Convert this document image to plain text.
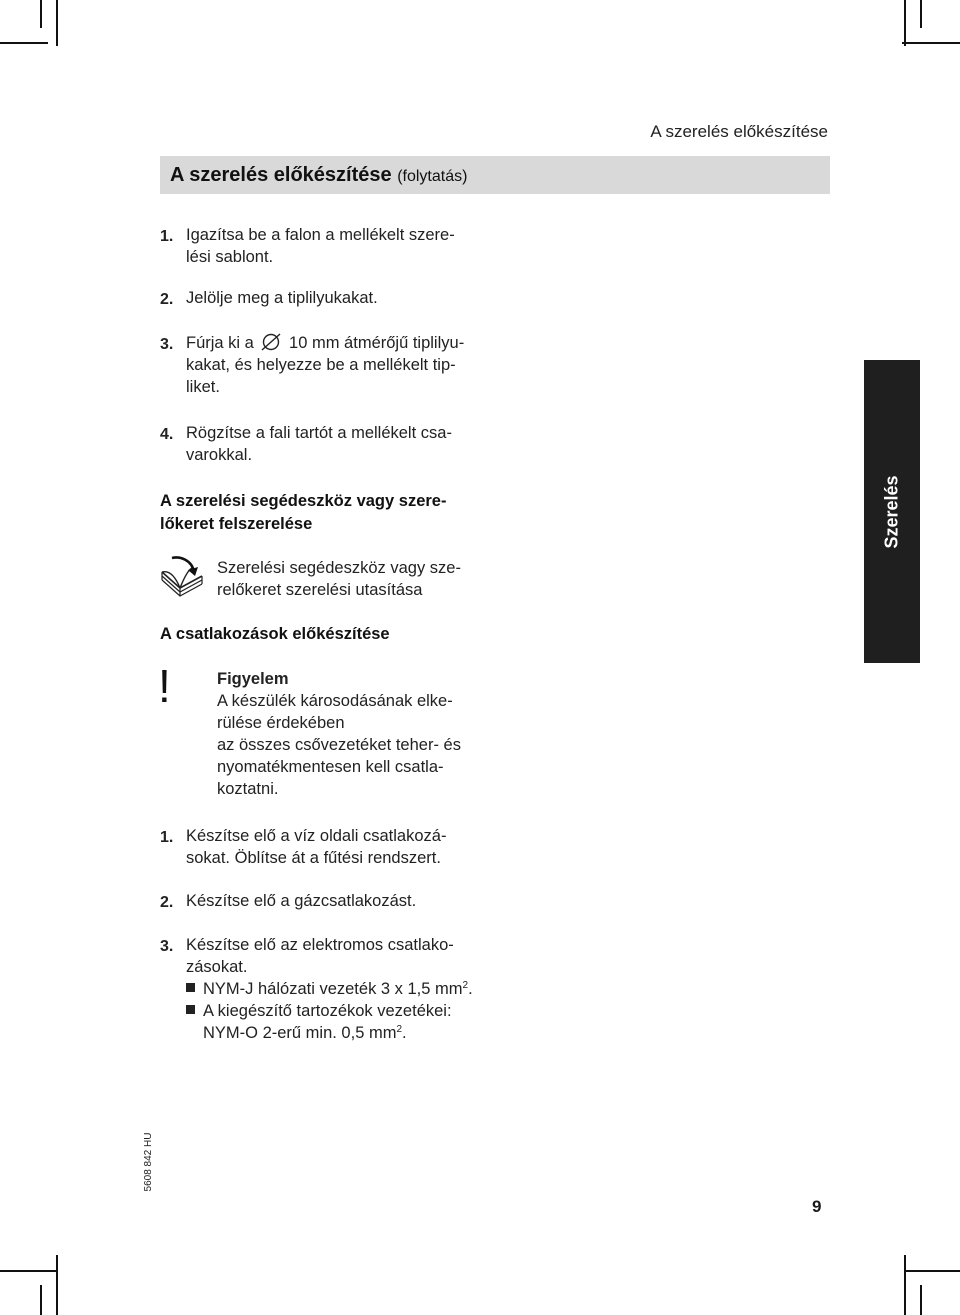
A szerelés előkészítése
A szerelés előkészítése (folytatás)
1. Igazítsa be a falon a mellékelt szere-
lési sablont.
2. Jelölje meg a tiplilyukakat.
3. Fúrja ki a 10 mm átmérőjű tiplilyu-
kakat, és helyezze be a mellékelt tip-
liket.
4. Rögzítse a fali tartót a mellékelt csa-
varokkal.
A szerelési segédeszköz vagy szere-
lőkeret felszerelése
Szerelési segédeszköz vagy sze-
relőkeret szerelési utasítása
A csatlakozások előkészítése
!	Figyelem
A készülék károsodásának elke-
rülése érdekében
az összes csővezetéket teher- és
nyomatékmentesen kell csatla-
koztatni.
1. Készítse elő a víz oldali csatlakozá-
sokat. Öblítse át a fűtési rendszert.
2. Készítse elő a gázcsatlakozást.
3. Készítse elő az elektromos csatlako-
zásokat.
NYM-J hálózati vezeték 3 x 1,5 $mm^2$.
A kiegészítő tartozékok vezetékei:
NYM-O 2-erű min. 0,5 $mm^2$.
Szerelés
5608 842 HU
9
